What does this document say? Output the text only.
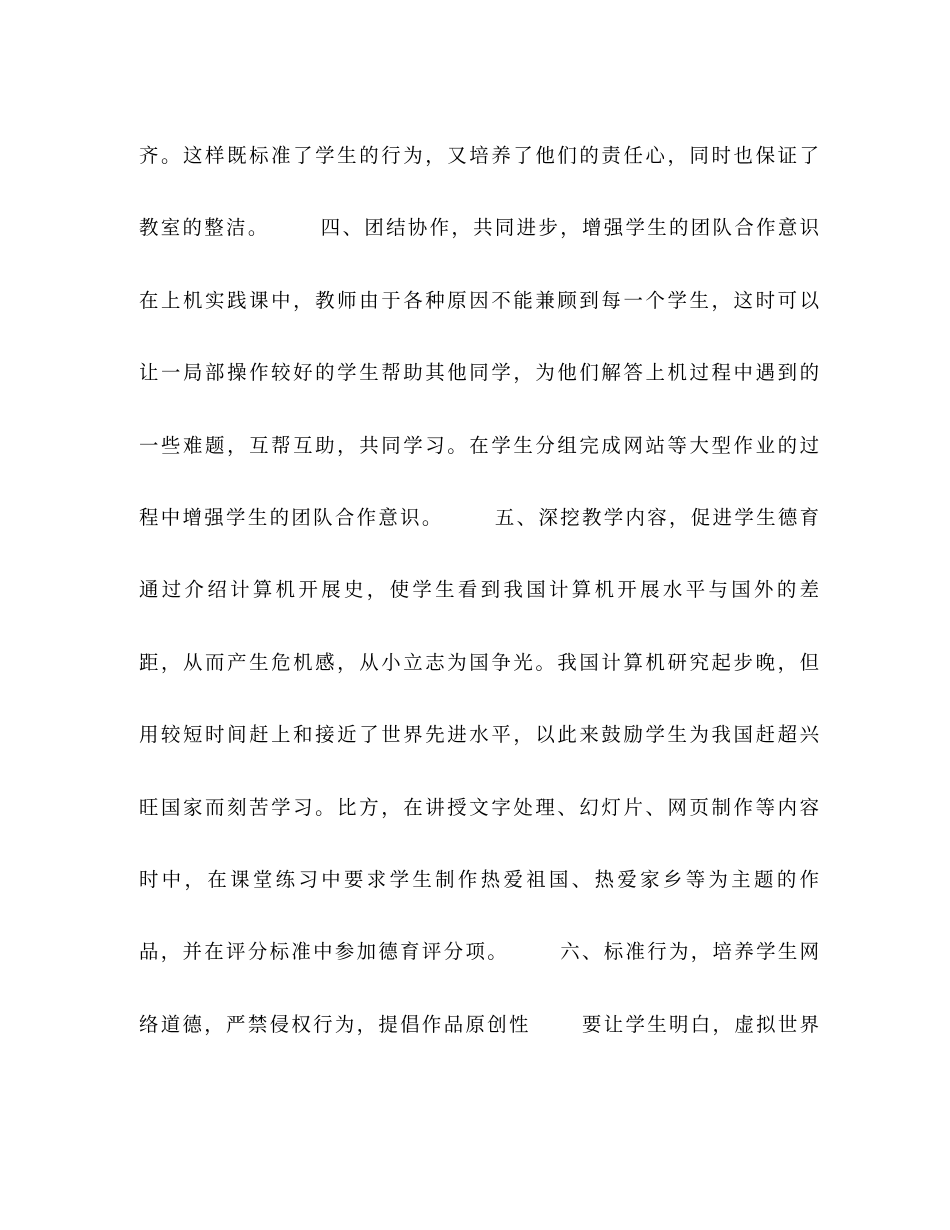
齐。这样既标准了学生的行为，又培养了他们的责任心，同时也保证了
教室的整洁。      四、团结协作，共同进步，增强学生的团队合作意识
在上机实践课中，教师由于各种原因不能兼顾到每一个学生，这时可以
让一局部操作较好的学生帮助其他同学，为他们解答上机过程中遇到的
一些难题，互帮互助，共同学习。在学生分组完成网站等大型作业的过
程中增强学生的团队合作意识。      五、深挖教学内容，促进学生德育
通过介绍计算机开展史，使学生看到我国计算机开展水平与国外的差
距，从而产生危机感，从小立志为国争光。我国计算机研究起步晚，但
用较短时间赶上和接近了世界先进水平，以此来鼓励学生为我国赶超兴
旺国家而刻苦学习。比方，在讲授文字处理、幻灯片、网页制作等内容
时中，在课堂练习中要求学生制作热爱祖国、热爱家乡等为主题的作
品，并在评分标准中参加德育评分项。      六、标准行为，培养学生网
络道德，严禁侵权行为，提倡作品原创性      要让学生明白，虚拟世界
